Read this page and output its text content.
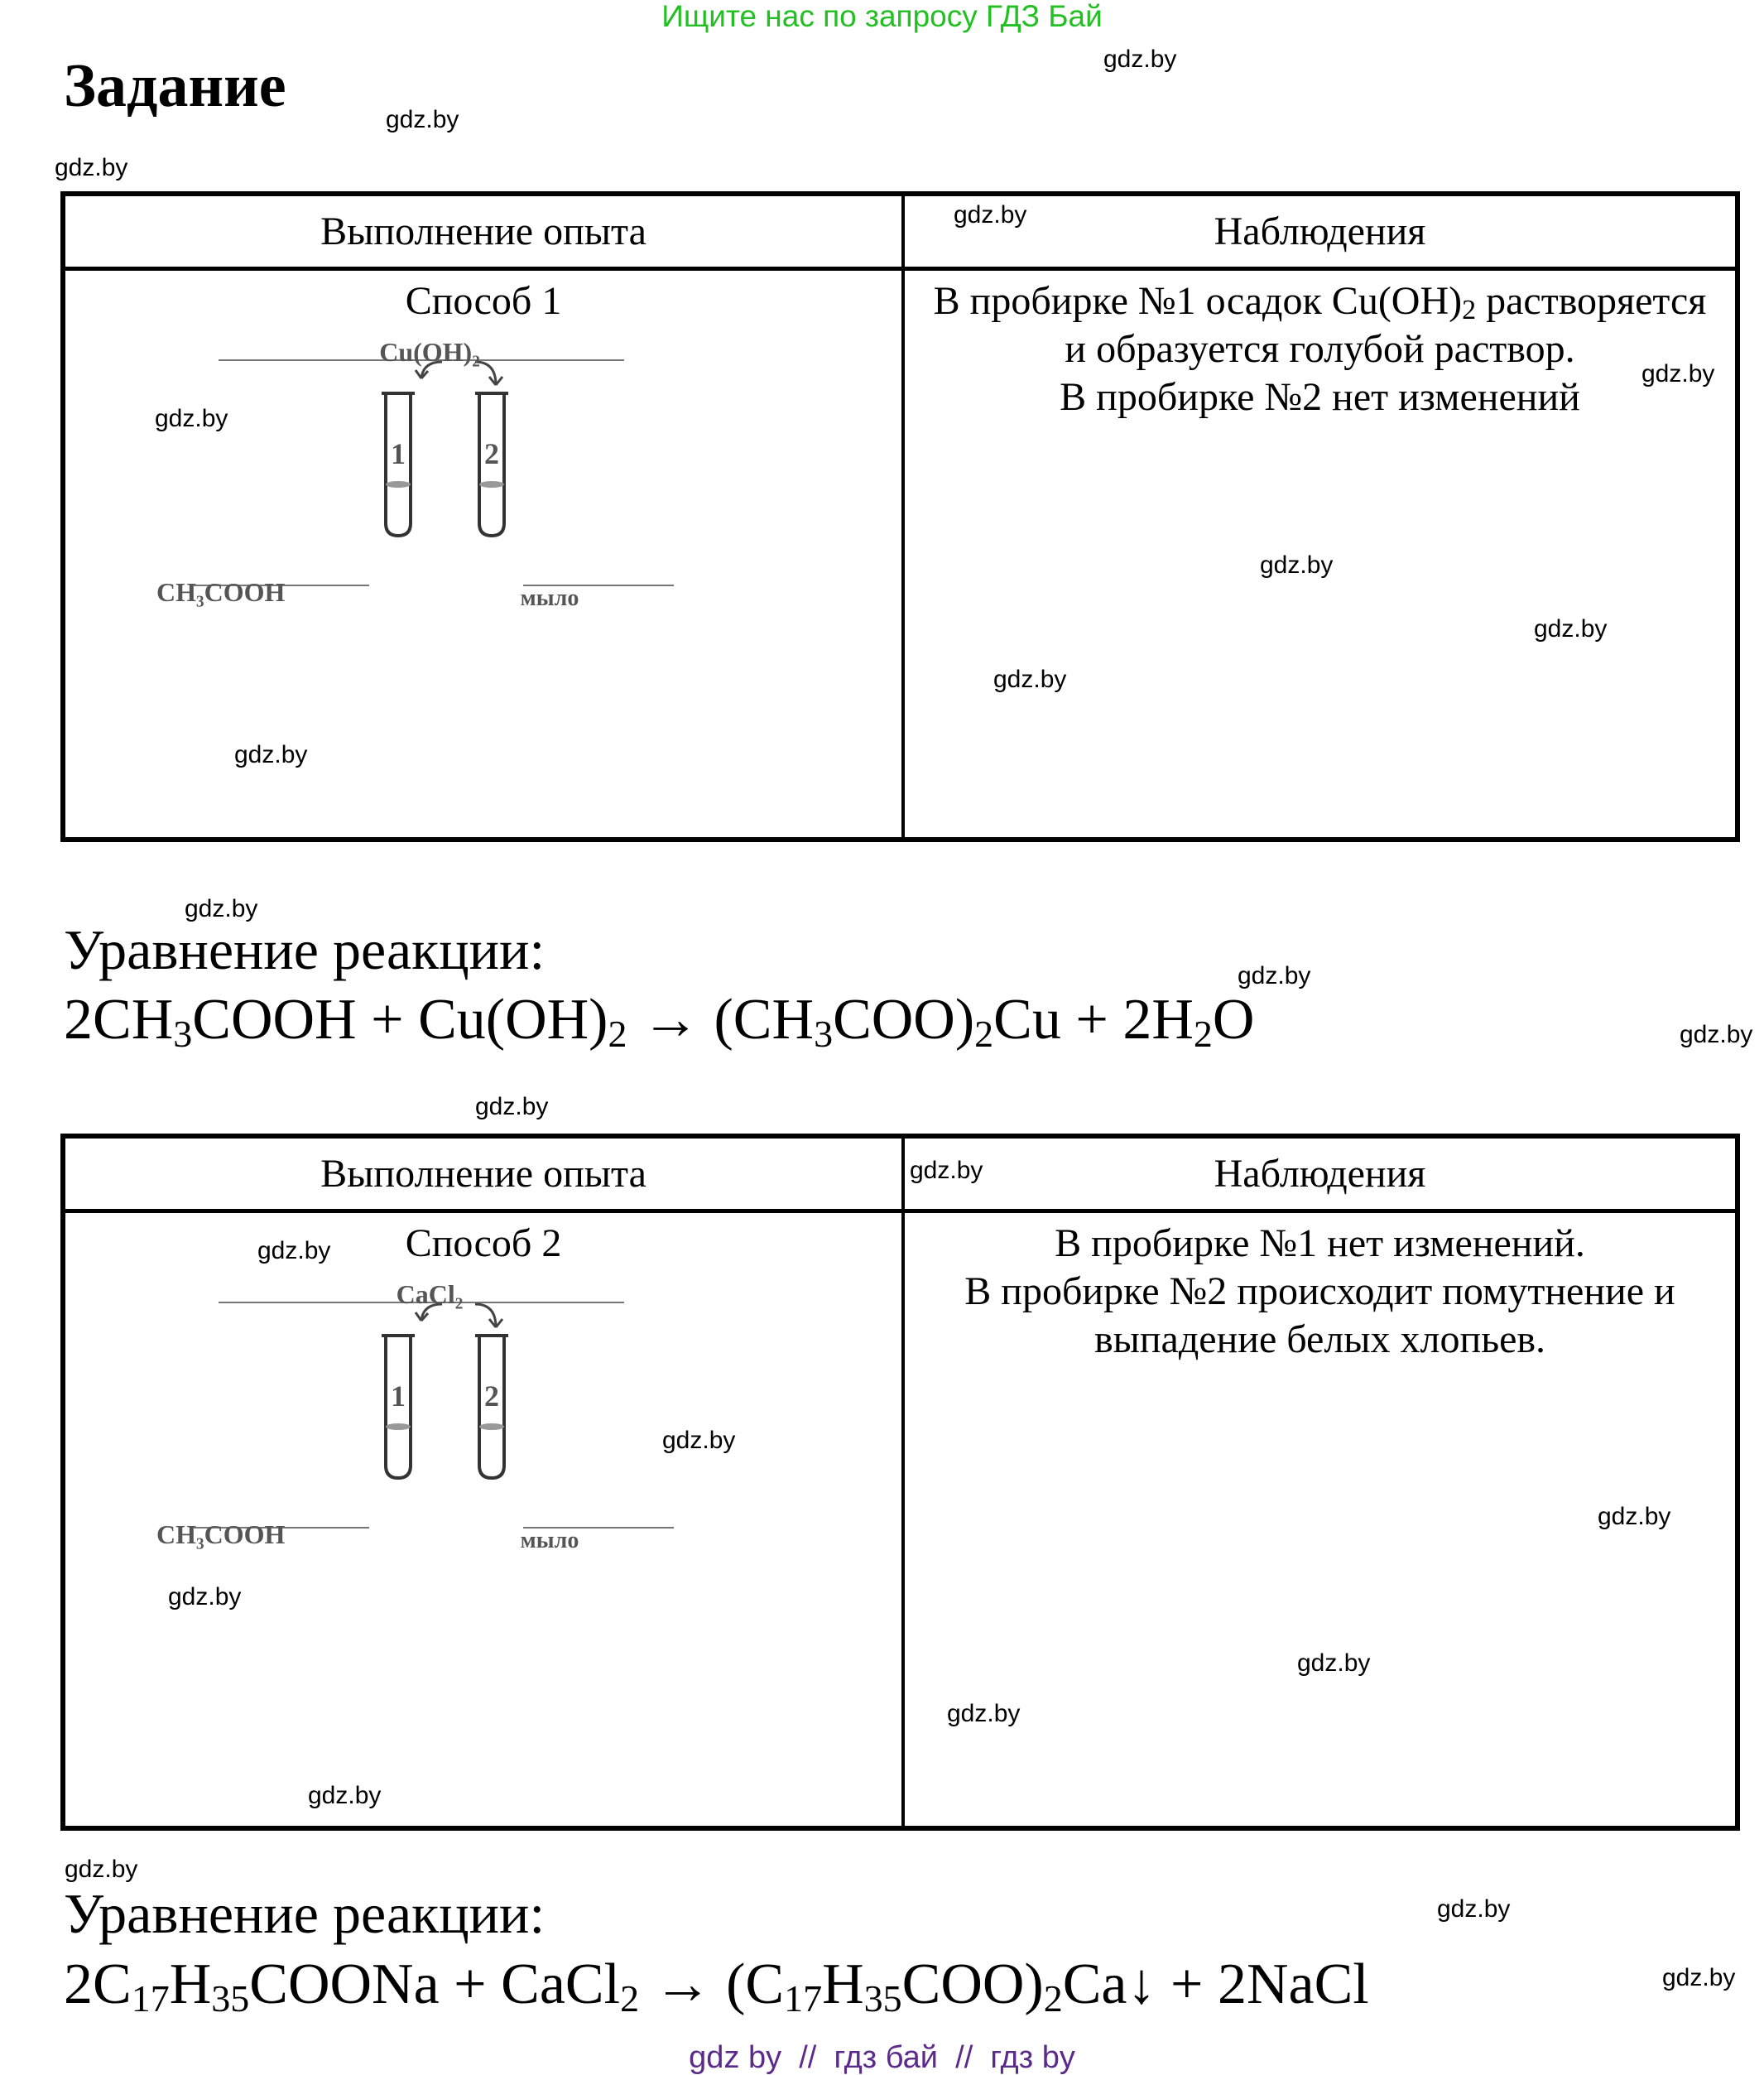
Ищите нас по запросу ГДЗ Бай
Задание	gdz.by
gdz.by
gdz.by
gdz.by
gdz.by
gdz.by
gdz.by
gdz.by
gdz.by
gdz.by
gdz.by
gdz.by
gdz.by
gdz.by
gdz.by
gdz.by
gdz.by
gdz.by
gdz.by
gdz.by
gdz.by
gdz.by
gdz.by
gdz.by
gdz.by
Выполнение опыта	Наблюдения
Способ 1
Cu(OH)₂
1	2
CH₃COOH	мыло
В пробирке №1 осадок $Cu(OH)_2$ растворяется
и образуется голубой раствор.
В пробирке №2 нет изменений
Уравнение реакции:
$2CH_3COOH + Cu(OH)_2 \to (CH_3COO)_2Cu + 2H_2O$
Выполнение опыта	Наблюдения
Способ 2
CaCl₂
1	2
CH₃COOH	мыло
В пробирке №1 нет изменений.
В пробирке №2 происходит помутнение и
выпадение белых хлопьев.
Уравнение реакции:
$2C_{17}H_{35}COONa$ + CaCl$_2$ → $(C_{17}H_{35}COO)_2Ca↓$ + 2NaCl
gdz by  //  гдз бай  //  гдз by
